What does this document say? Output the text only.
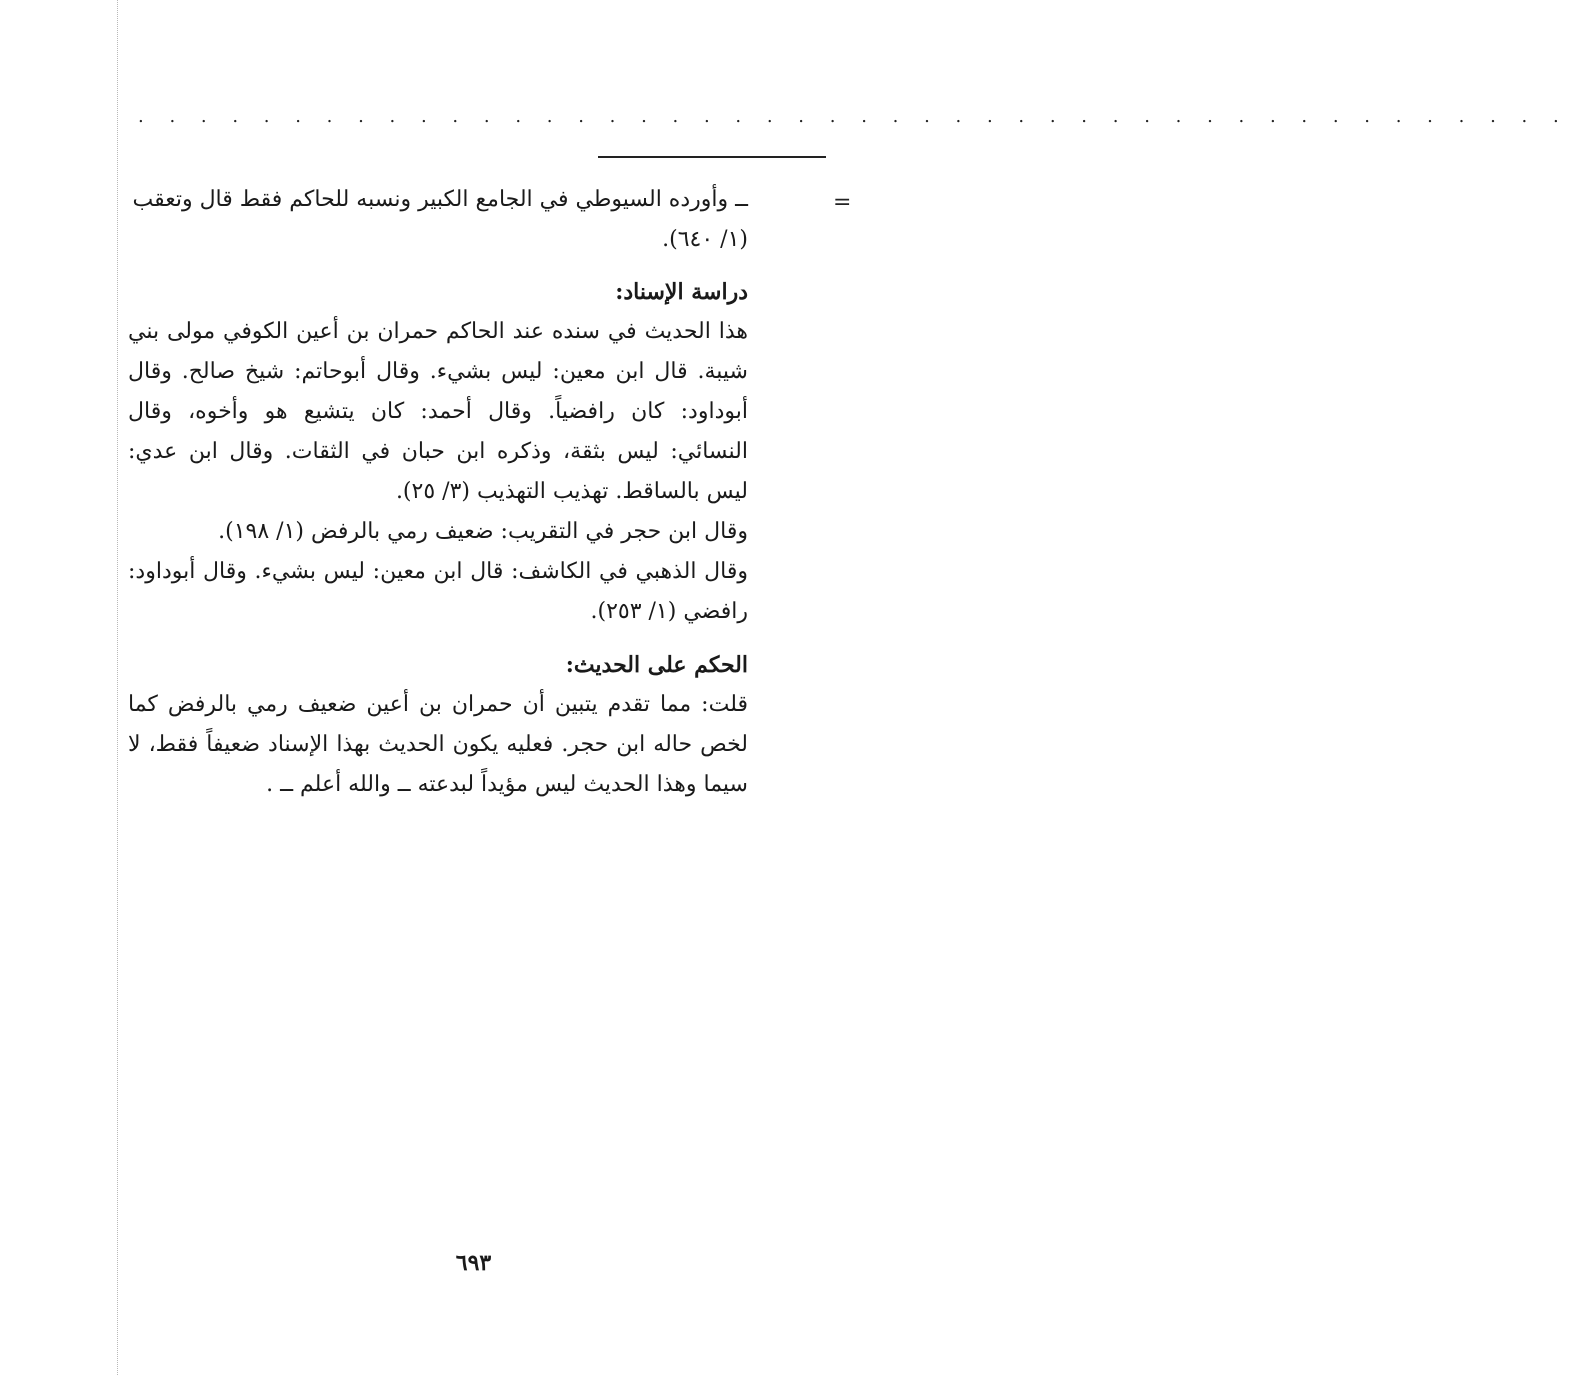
. . . . . . . . . . . . . . . . . . . . . . . . . . . . . . . . . . . . . . . . . . . . . .
=

ــ وأورده السيوطي في الجامع الكبير ونسبه للحاكم فقط قال وتعقب

(١/ ٦٤٠).

دراسة الإسناد:

هذا الحديث في سنده عند الحاكم حمران بن أعين الكوفي مولى بني شيبة. قال ابن معين: ليس بشيء. وقال أبوحاتم: شيخ صالح. وقال أبوداود: كان رافضياً. وقال أحمد: كان يتشيع هو وأخوه، وقال النسائي: ليس بثقة، وذكره ابن حبان في الثقات. وقال ابن عدي: ليس بالساقط. تهذيب التهذيب (٣/ ٢٥).

وقال ابن حجر في التقريب: ضعيف رمي بالرفض (١/ ١٩٨).

وقال الذهبي في الكاشف: قال ابن معين: ليس بشيء. وقال أبوداود: رافضي (١/ ٢٥٣).

الحكم على الحديث:

قلت: مما تقدم يتبين أن حمران بن أعين ضعيف رمي بالرفض كما لخص حاله ابن حجر. فعليه يكون الحديث بهذا الإسناد ضعيفاً فقط، لا سيما وهذا الحديث ليس مؤيداً لبدعته ــ والله أعلم ــ .

٦٩٣
